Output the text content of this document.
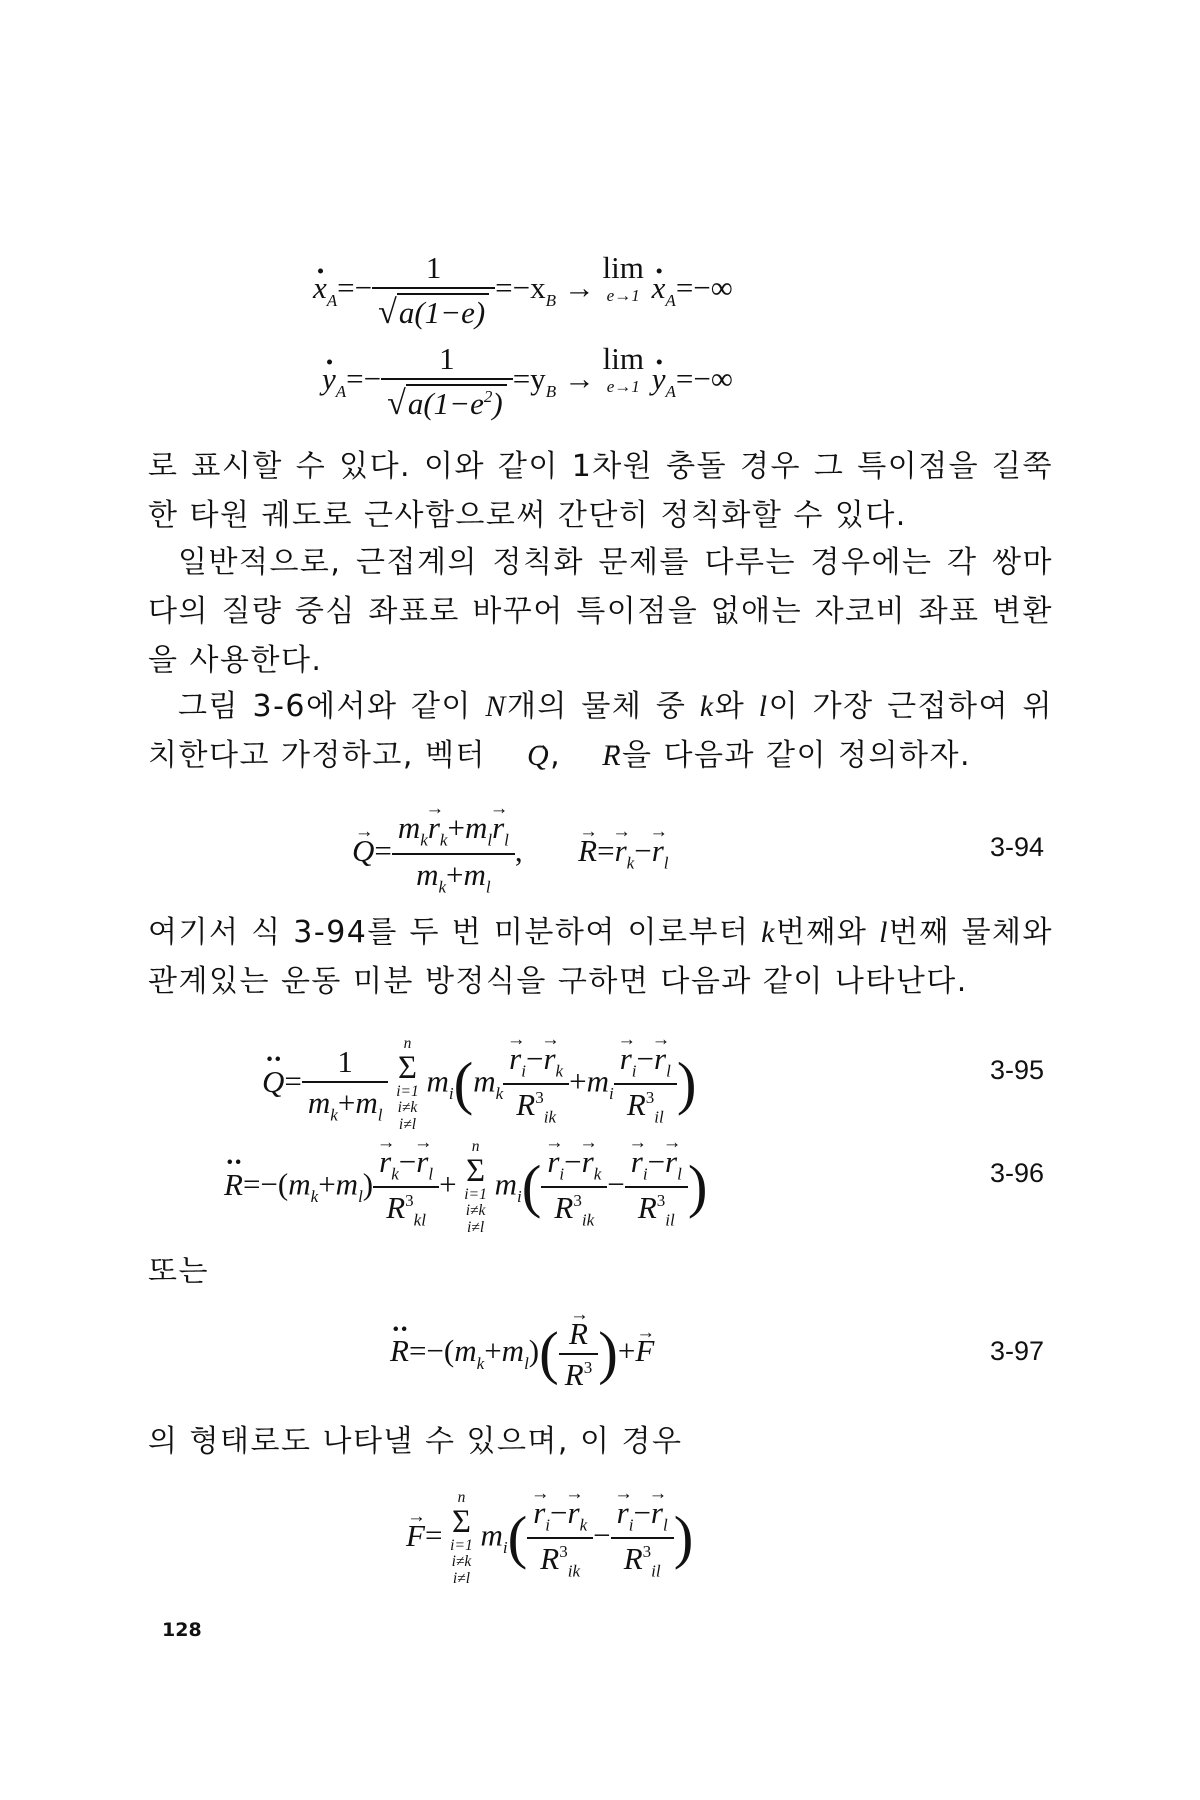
· $x_A=- \frac{1}{√a(1-e)} =-x_B \to \lim$
e→1
· $x_A=-\infty$
· $y_A=- \frac{1}{√a(1-e^2)} =y_B \to \lim$
e→1
· $y_A=-\infty$
로 표시할 수 있다. 이와 같이 1차원 충돌 경우 그 특이점을 길쭉한 타원 궤도로 근사함으로써 간단히 정칙화할 수 있다.
일반적으로, 근접계의 정칙화 문제를 다루는 경우에는 각 쌍마다의 질량 중심 좌표로 바꾸어 특이점을 없애는 자코비 좌표 변환을 사용한다.
그림 3-6에서와 같이 N개의 물체 중 k와 l이 가장 근접하여 위치한다고 가정하고, 벡터 → Q, → R을 다음과 같이 정의하자.
→ $Q= \frac{m_k\to r_k+m_l\to r_l}{m_k+m_l}$ ,  → $R=\to r_k-\to r_l$
3-94
여기서 식 3-94를 두 번 미분하여 이로부터 k번째와 l번째 물체와 관계있는 운동 미분 방정식을 구하면 다음과 같이 나타난다.
·· $Q= \frac{1}{m_k+m_l}$

n
Σ
i=1
i≠k
i≠l
$m_i(m_k$
→ $\frac{r_i-\to r_k}{R^3_{ik}} +m_i$
→ $\frac{r_i-\to r_l}{R^3_{il}}$ )	3-95
·· $R=-(m_k+m_l)$
→ $\frac{r_k-\to r_l}{R^3_{kl}}$ +
n
Σ
i=1
i≠k
i≠l
$m_i$(
→ $\frac{r_i-\to r_k}{R^3_{ik}}$ −
→ $\frac{r_i-\to r_l}{R^3_{il}}$ )	3-96
또는
·· $R=-(m_k+m_l)$(
→ $\frac{R}{R^3}$ )+→ F	3-97
의 형태로도 나타낼 수 있으며, 이 경우
→ F=
n
Σ
i=1
i≠k
i≠l
$m_i$(
→ $\frac{r_i-\to r_k}{R^3_{ik}}$ −
→ $\frac{r_i-\to r_l}{R^3_{il}}$ )
128
